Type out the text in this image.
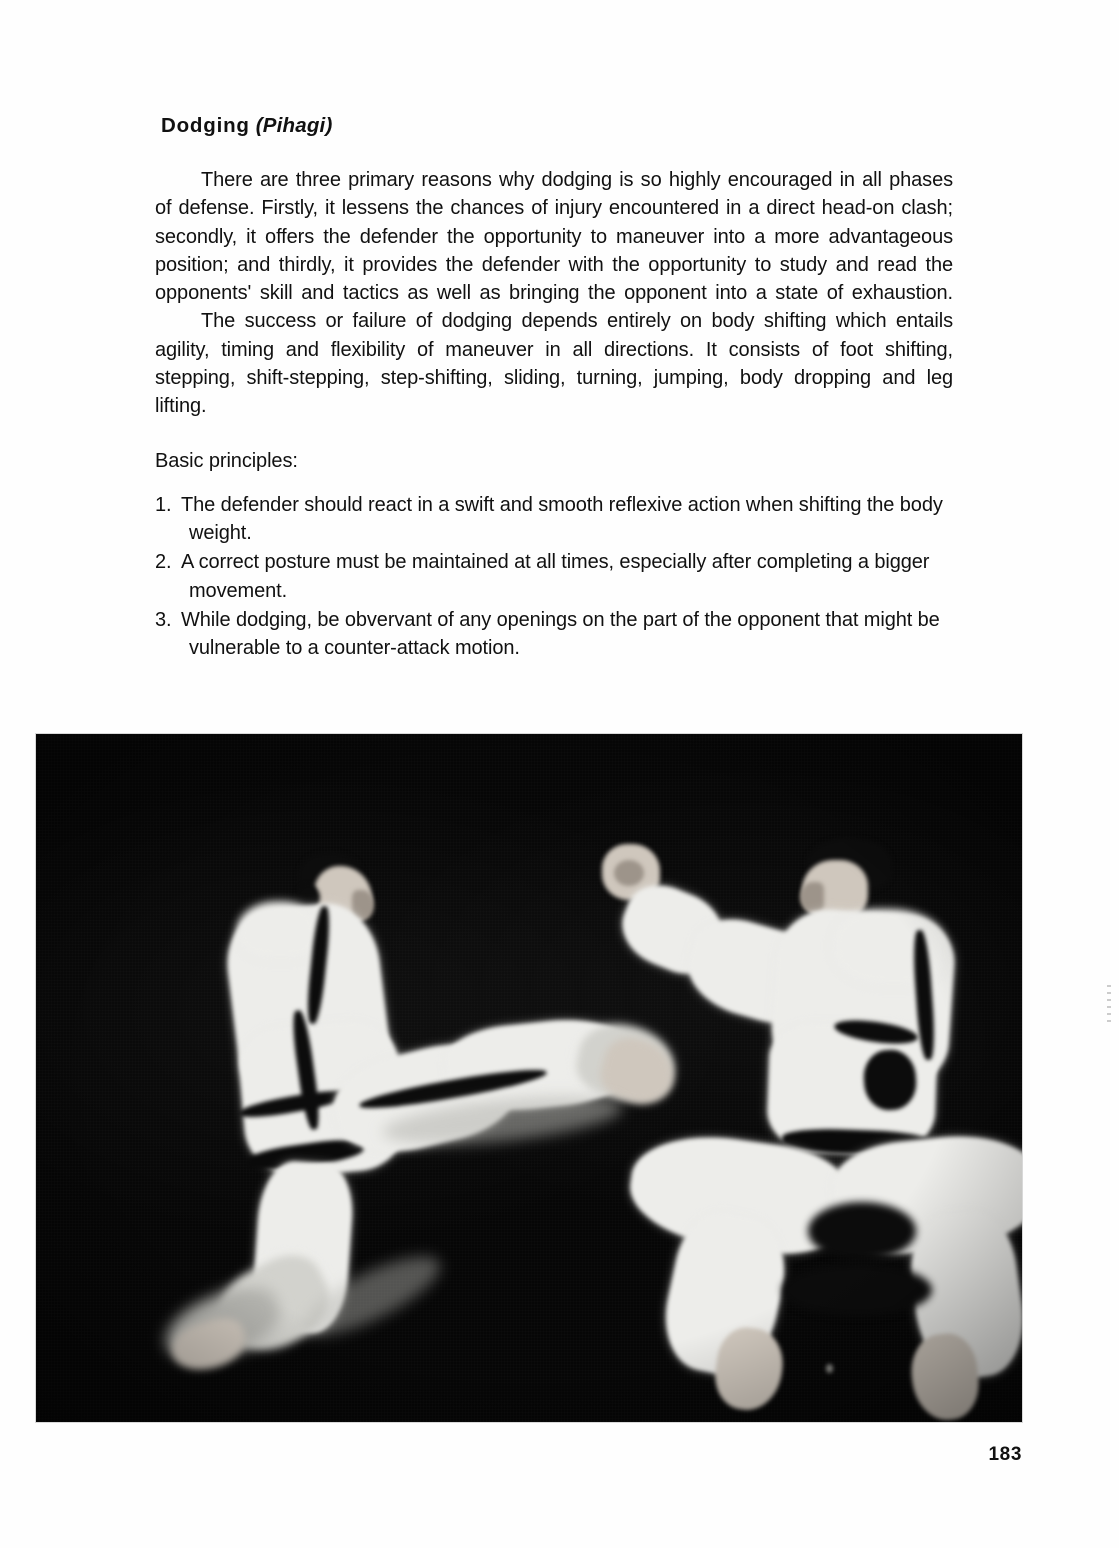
Dodging (Pihagi)

There are three primary reasons why dodging is so highly encouraged in all phases of defense. Firstly, it lessens the chances of injury encountered in a direct head-on clash; secondly, it offers the defender the opportunity to maneuver into a more advantageous position; and thirdly, it provides the defender with the opportunity to study and read the opponents' skill and tactics as well as bringing the opponent into a state of exhaustion.

The success or failure of dodging depends entirely on body shifting which entails agility, timing and flexibility of maneuver in all directions. It consists of foot shifting, stepping, shift-stepping, step-shifting, sliding, turning, jumping, body dropping and leg lifting.

Basic principles:

1. The defender should react in a swift and smooth reflexive action when shifting the body weight.
2. A correct posture must be maintained at all times, especially after completing a bigger movement.
3. While dodging, be obvervant of any openings on the part of the opponent that might be vulnerable to a counter-attack motion.
183
